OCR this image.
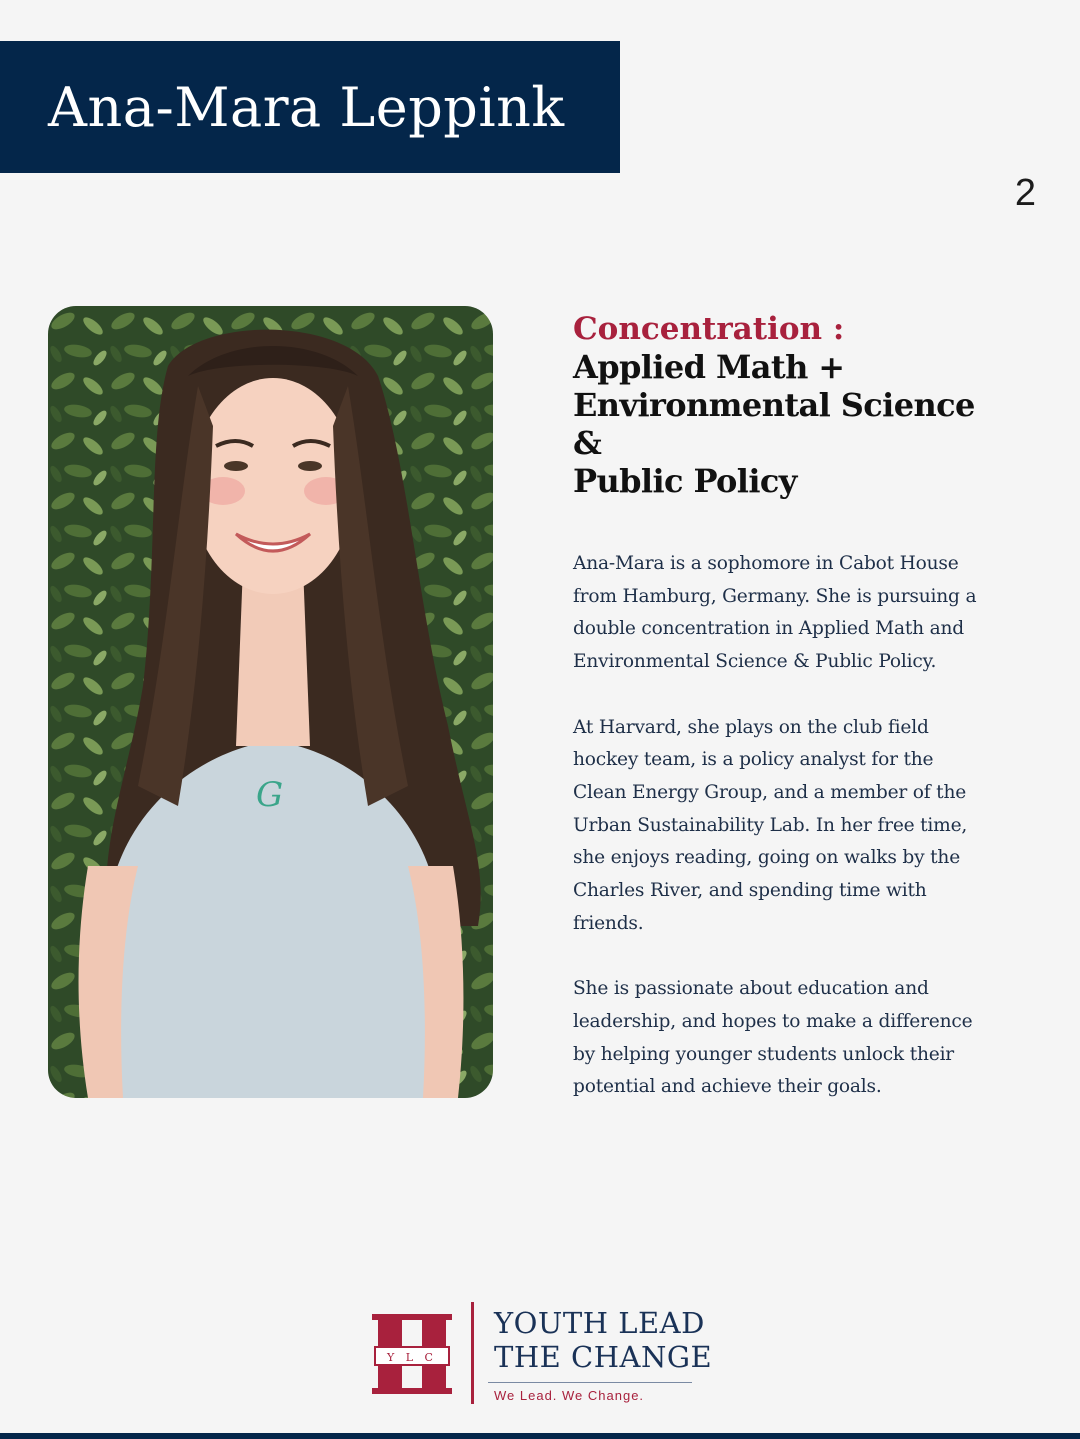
Ana-Mara Leppink
2
G
Concentration :
Applied Math +
Environmental Science &
Public Policy

Ana-Mara is a sophomore in Cabot House from Hamburg, Germany. She is pursuing a double concentration in Applied Math and Environmental Science & Public Policy.

At Harvard, she plays on the club field hockey team, is a policy analyst for the Clean Energy Group, and a member of the Urban Sustainability Lab. In her free time, she enjoys reading, going on walks by the Charles River, and spending time with friends.

She is passionate about education and leadership, and hopes to make a difference by helping younger students unlock their potential and achieve their goals.

Y L C
YOUTH LEAD
THE CHANGE
We Lead. We Change.
